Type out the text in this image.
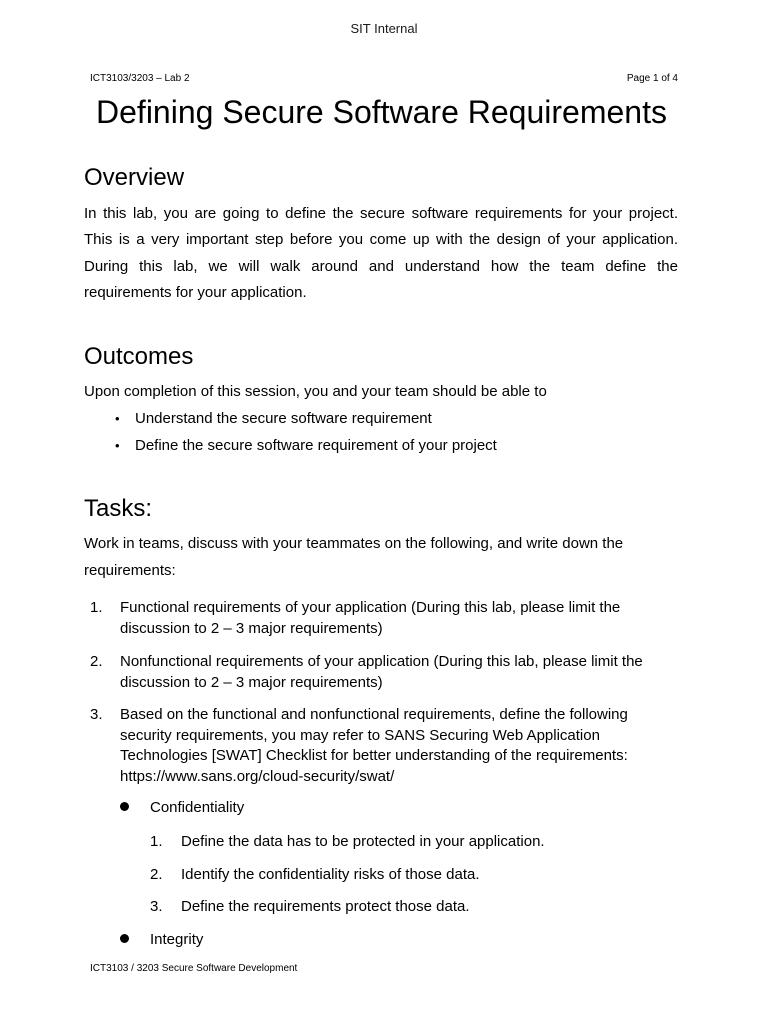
SIT Internal
ICT3103/3203 – Lab 2	Page 1 of 4
Defining Secure Software Requirements
Overview
In this lab, you are going to define the secure software requirements for your project.
This is a very important step before you come up with the design of your application.
During this lab, we will walk around and understand how the team define the
requirements for your application.
Outcomes
Upon completion of this session, you and your team should be able to
• Understand the secure software requirement
• Define the secure software requirement of your project
Tasks:
Work in teams, discuss with your teammates on the following, and write down the
requirements:
1. Functional requirements of your application (During this lab, please limit the
discussion to 2 – 3 major requirements)
2. Nonfunctional requirements of your application (During this lab, please limit the
discussion to 2 – 3 major requirements)
3. Based on the functional and nonfunctional requirements, define the following
security requirements, you may refer to SANS Securing Web Application
Technologies [SWAT] Checklist for better understanding of the requirements:
https://www.sans.org/cloud-security/swat/
Confidentiality
1. Define the data has to be protected in your application.
2. Identify the confidentiality risks of those data.
3. Define the requirements protect those data.
Integrity
ICT3103 / 3203 Secure Software Development
